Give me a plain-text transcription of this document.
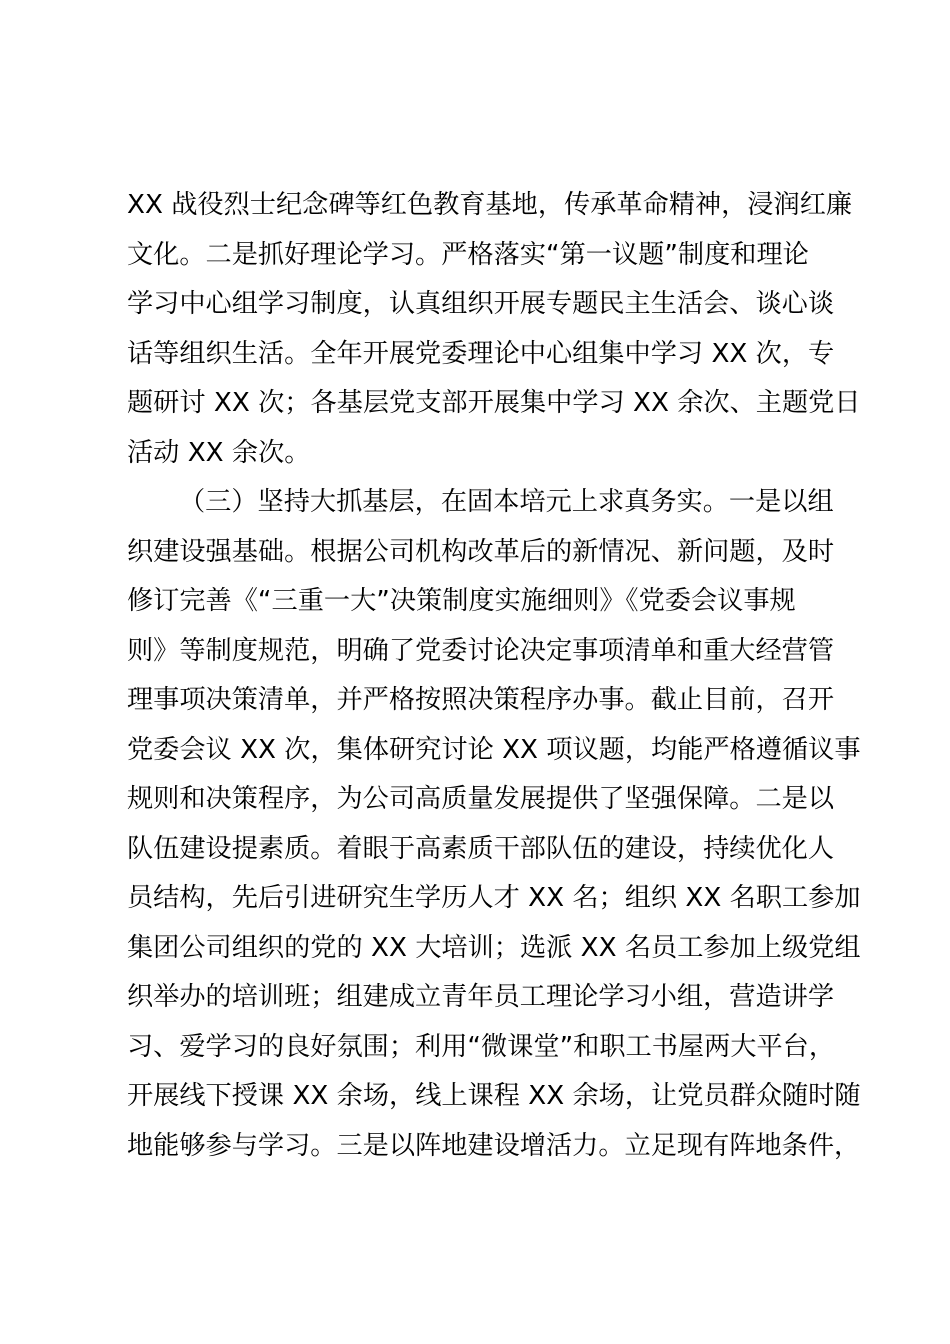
XX 战役烈士纪念碑等红色教育基地，传承革命精神，浸润红廉
文化。二是抓好理论学习。严格落实“第一议题”制度和理论
学习中心组学习制度，认真组织开展专题民主生活会、谈心谈
话等组织生活。全年开展党委理论中心组集中学习 XX 次，专
题研讨 XX 次；各基层党支部开展集中学习 XX 余次、主题党日
活动 XX 余次。
（三）坚持大抓基层，在固本培元上求真务实。一是以组
织建设强基础。根据公司机构改革后的新情况、新问题，及时
修订完善《“三重一大”决策制度实施细则》《党委会议事规
则》等制度规范，明确了党委讨论决定事项清单和重大经营管
理事项决策清单，并严格按照决策程序办事。截止目前，召开
党委会议 XX 次，集体研究讨论 XX 项议题，均能严格遵循议事
规则和决策程序，为公司高质量发展提供了坚强保障。二是以
队伍建设提素质。着眼于高素质干部队伍的建设，持续优化人
员结构，先后引进研究生学历人才 XX 名；组织 XX 名职工参加
集团公司组织的党的 XX 大培训；选派 XX 名员工参加上级党组
织举办的培训班；组建成立青年员工理论学习小组，营造讲学
习、爱学习的良好氛围；利用“微课堂”和职工书屋两大平台，
开展线下授课 XX 余场，线上课程 XX 余场，让党员群众随时随
地能够参与学习。三是以阵地建设增活力。立足现有阵地条件，
